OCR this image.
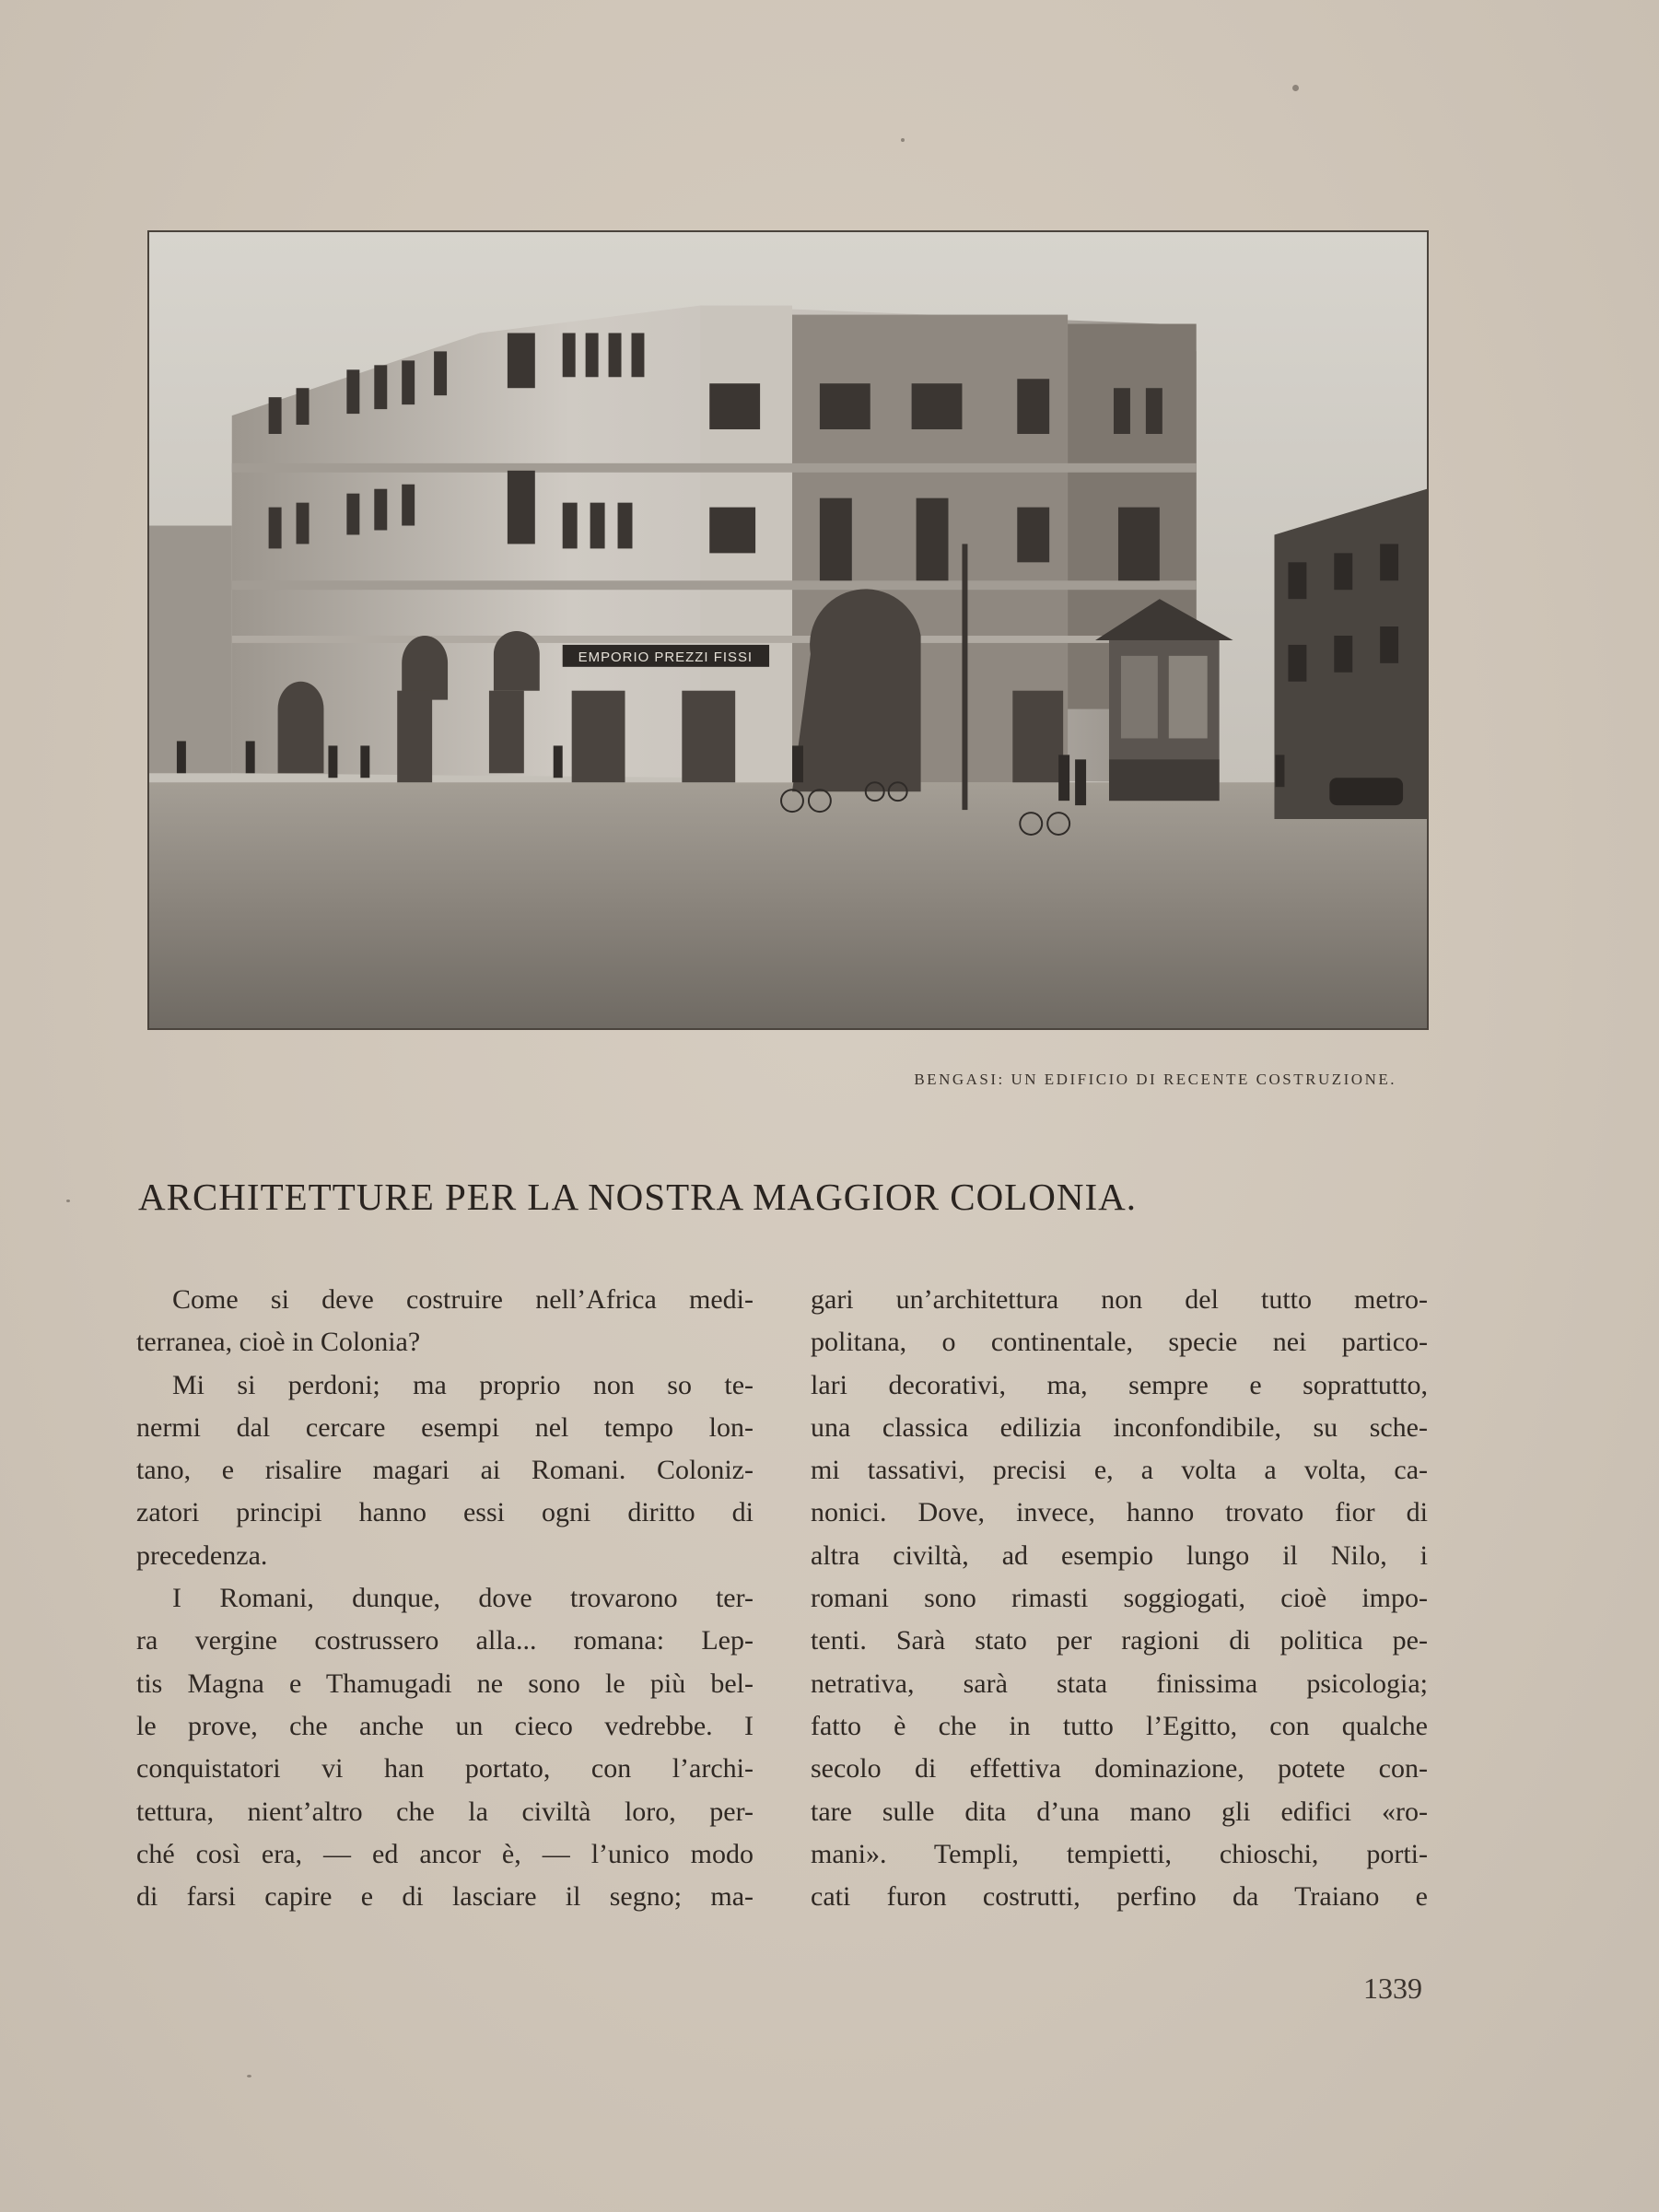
EMPORIO PREZZI FISSI
BENGASI: UN EDIFICIO DI RECENTE COSTRUZIONE.
ARCHITETTURE PER LA NOSTRA MAGGIOR COLONIA.
Come si deve costruire nell’Africa medi-
terranea, cioè in Colonia?
Mi si perdoni; ma proprio non so te-
nermi dal cercare esempi nel tempo lon-
tano, e risalire magari ai Romani. Coloniz-
zatori principi hanno essi ogni diritto di
precedenza.
I Romani, dunque, dove trovarono ter-
ra vergine costrussero alla... romana: Lep-
tis Magna e Thamugadi ne sono le più bel-
le prove, che anche un cieco vedrebbe. I
conquistatori vi han portato, con l’archi-
tettura, nient’altro che la civiltà loro, per-
ché così era, — ed ancor è, — l’unico modo
di farsi capire e di lasciare il segno; ma-
gari un’architettura non del tutto metro-
politana, o continentale, specie nei partico-
lari decorativi, ma, sempre e soprattutto,
una classica edilizia inconfondibile, su sche-
mi tassativi, precisi e, a volta a volta, ca-
nonici. Dove, invece, hanno trovato fior di
altra civiltà, ad esempio lungo il Nilo, i
romani sono rimasti soggiogati, cioè impo-
tenti. Sarà stato per ragioni di politica pe-
netrativa, sarà stata finissima psicologia;
fatto è che in tutto l’Egitto, con qualche
secolo di effettiva dominazione, potete con-
tare sulle dita d’una mano gli edifici «ro-
mani». Templi, tempietti, chioschi, porti-
cati furon costrutti, perfino da Traiano e
1339
